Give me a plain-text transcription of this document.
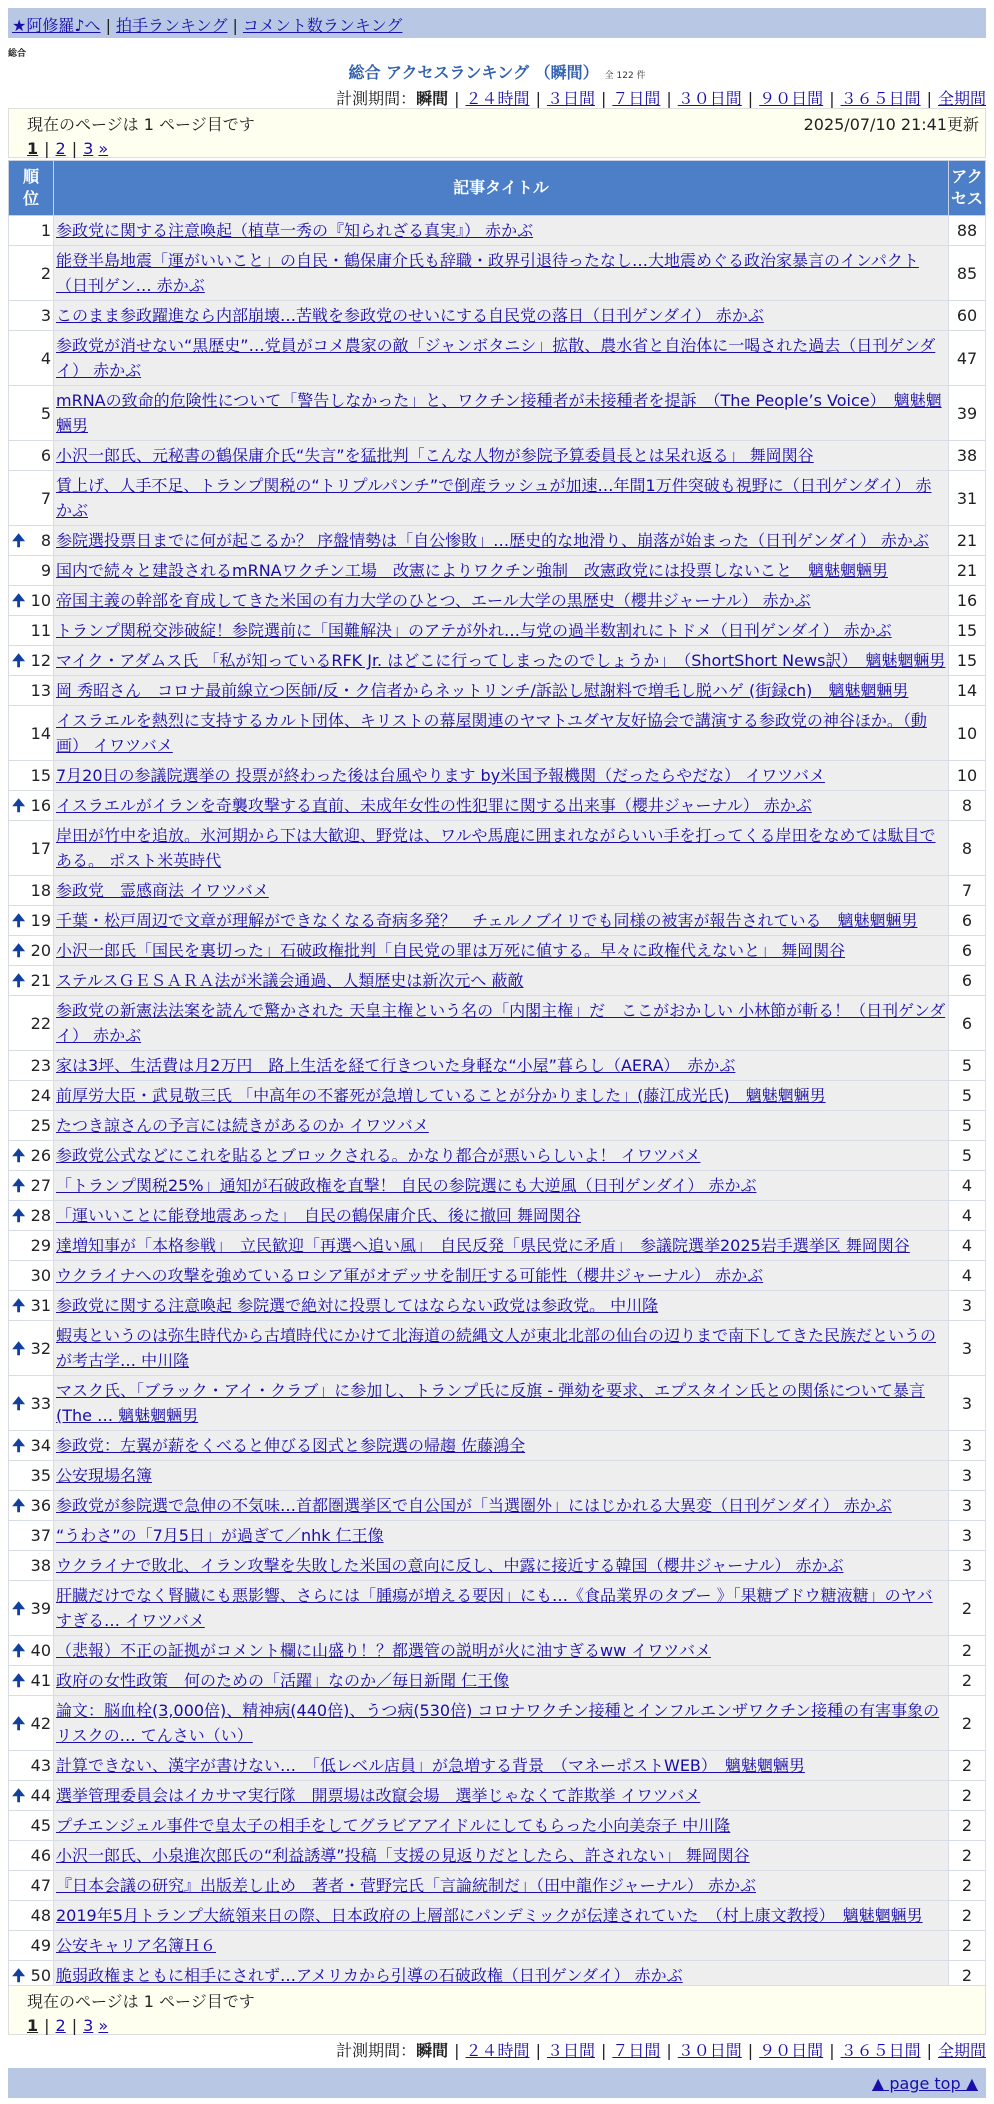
★阿修羅♪へ | 拍手ランキング | コメント数ランキング
総合
総合 アクセスランキング （瞬間） 全 122 件
計測期間：瞬間 | ２４時間 | ３日間 | ７日間 | ３０日間 | ９０日間 | ３６５日間 | 全期間
現在のページは 1 ページ目です	2025/07/10 21:41更新
1 | 2 | 3 »
順位	記事タイトル	アクセス
1	参政党に関する注意喚起（植草一秀の『知られざる真実』） 赤かぶ	88
2	能登半島地震「運がいいこと」の自民・鶴保庸介氏も辞職・政界引退待ったなし…大地震めぐる政治家暴言のインパクト（日刊ゲン… 赤かぶ	85
3	このまま参政躍進なら内部崩壊…苦戦を参政党のせいにする自民党の落日（日刊ゲンダイ） 赤かぶ	60
4	参政党が消せない“黒歴史”…党員がコメ農家の敵「ジャンボタニシ」拡散、農水省と自治体に一喝された過去（日刊ゲンダイ） 赤かぶ	47
5	mRNAの致命的危険性について「警告しなかった」と、ワクチン接種者が未接種者を提訴　（The People’s Voice）　魑魅魍魎男	39
6	小沢一郎氏、元秘書の鶴保庸介氏“失言”を猛批判「こんな人物が参院予算委員長とは呆れ返る」 舞岡関谷	38
7	賃上げ、人手不足、トランプ関税の“トリプルパンチ”で倒産ラッシュが加速…年間1万件突破も視野に（日刊ゲンダイ） 赤かぶ	31

🠉 8	参院選投票日までに何が起こるか？ 序盤情勢は「自公惨敗」…歴史的な地滑り、崩落が始まった（日刊ゲンダイ） 赤かぶ	21
9	国内で続々と建設されるmRNAワクチン工場　改憲によりワクチン強制　改憲政党には投票しないこと　魑魅魍魎男	21

🠉 10	帝国主義の幹部を育成してきた米国の有力大学のひとつ、エール大学の黒歴史（櫻井ジャーナル） 赤かぶ	16
11	トランプ関税交渉破綻！参院選前に「国難解決」のアテが外れ…与党の過半数割れにトドメ（日刊ゲンダイ） 赤かぶ	15

🠉 12	マイク・アダムス氏 「私が知っているRFK Jr. はどこに行ってしまったのでしょうか」　（ShortShort News訳）　魑魅魍魎男	15
13	岡 秀昭さん　コロナ最前線立つ医師/反・ク信者からネットリンチ/訴訟し慰謝料で増毛し脱ハゲ (街録ch)　魑魅魍魎男	14
14	イスラエルを熱烈に支持するカルト団体、キリストの幕屋関連のヤマトユダヤ友好協会で講演する参政党の神谷ほか。（動画） イワツバメ	10
15	7月20日の参議院選挙の 投票が終わった後は台風やります by米国予報機関（だったらやだな） イワツバメ	10

🠉 16	イスラエルがイランを奇襲攻撃する直前、未成年女性の性犯罪に関する出来事（櫻井ジャーナル） 赤かぶ	8
17	岸田が竹中を追放。氷河期から下は大歓迎、野党は、ワルや馬鹿に囲まれながらいい手を打ってくる岸田をなめては駄目である。 ポスト米英時代	8
18	参政党　霊感商法 イワツバメ	7

🠉 19	千葉・松戸周辺で文章が理解ができなくなる奇病多発？　チェルノブイリでも同様の被害が報告されている　魑魅魍魎男	6

🠉 20	小沢一郎氏「国民を裏切った」石破政権批判「自民党の罪は万死に値する。早々に政権代えないと」 舞岡関谷	6

🠉 21	ステルスＧＥＳＡＲＡ法が米議会通過、人類歴史は新次元へ 蔽敵	6
22	参政党の新憲法法案を読んで驚かされた 天皇主権という名の「内閣主権」だ　ここがおかしい 小林節が斬る！（日刊ゲンダイ） 赤かぶ	6
23	家は3坪、生活費は月2万円　路上生活を経て行きついた身軽な“小屋”暮らし（AERA）　赤かぶ	5
24	前厚労大臣・武見敬三氏 「中高年の不審死が急増していることが分かりました」(藤江成光氏)　魑魅魍魎男	5
25	たつき諒さんの予言には続きがあるのか イワツバメ	5

🠉 26	参政党公式などにこれを貼るとブロックされる。かなり都合が悪いらしいよ！ イワツバメ	5

🠉 27	「トランプ関税25%」通知が石破政権を直撃！ 自民の参院選にも大逆風（日刊ゲンダイ） 赤かぶ	4

🠉 28	「運いいことに能登地震あった」　自民の鶴保庸介氏、後に撤回 舞岡関谷	4
29	達増知事が「本格参戦」　立民歓迎「再選へ追い風」　自民反発「県民党に矛盾」　参議院選挙2025岩手選挙区 舞岡関谷	4
30	ウクライナへの攻撃を強めているロシア軍がオデッサを制圧する可能性（櫻井ジャーナル） 赤かぶ	4

🠉 31	参政党に関する注意喚起 参院選で絶対に投票してはならない政党は参政党。 中川隆	3

🠉 32	蝦夷というのは弥生時代から古墳時代にかけて北海道の続縄文人が東北北部の仙台の辺りまで南下してきた民族だというのが考古学… 中川隆	3

🠉 33	マスク氏、「ブラック・アイ・クラブ」に参加し、トランプ氏に反旗 - 弾劾を要求、エプスタイン氏との関係について暴言 (The … 魑魅魍魎男	3

🠉 34	参政党：左翼が薪をくべると伸びる図式と参院選の帰趨 佐藤鴻全	3
35	公安現場名簿	3

🠉 36	参政党が参院選で急伸の不気味…首都圏選挙区で自公国が「当選圏外」にはじかれる大異変（日刊ゲンダイ） 赤かぶ	3
37	“うわさ”の「7月5日」が過ぎて／nhk 仁王像	3
38	ウクライナで敗北、イラン攻撃を失敗した米国の意向に反し、中露に接近する韓国（櫻井ジャーナル） 赤かぶ	3

🠉 39	肝臓だけでなく腎臓にも悪影響、さらには「腫瘍が増える要因」にも…《食品業界のタブー 》「果糖ブドウ糖液糖」のヤバすぎる… イワツバメ	2

🠉 40	（悲報）不正の証拠がコメント欄に山盛り！？都選管の説明が火に油すぎるww イワツバメ	2

🠉 41	政府の女性政策　何のための「活躍」なのか／毎日新聞 仁王像	2

🠉 42	論文：脳血栓(3,000倍)、精神病(440倍)、うつ病(530倍) コロナワクチン接種とインフルエンザワクチン接種の有害事象のリスクの… てんさい（い）	2
43	計算できない、漢字が書けない…　「低レベル店員」が急増する背景　（マネーポストWEB）　魑魅魍魎男	2

🠉 44	選挙管理委員会はイカサマ実行隊　開票場は改竄会場　選挙じゃなくて詐欺挙 イワツバメ	2
45	プチエンジェル事件で皇太子の相手をしてグラビアアイドルにしてもらった小向美奈子 中川隆	2
46	小沢一郎氏、小泉進次郎氏の“利益誘導”投稿「支援の見返りだとしたら、許されない」 舞岡関谷	2
47	『日本会議の研究』出版差し止め　著者・菅野完氏「言論統制だ」（田中龍作ジャーナル） 赤かぶ	2
48	2019年5月トランプ大統領来日の際、日本政府の上層部にパンデミックが伝達されていた　（村上康文教授）　魑魅魍魎男	2
49	公安キャリア名簿Ｈ６	2

🠉 50	脆弱政権まともに相手にされず…アメリカから引導の石破政権（日刊ゲンダイ） 赤かぶ	2
現在のページは 1 ページ目です
1 | 2 | 3 »
計測期間：瞬間 | ２４時間 | ３日間 | ７日間 | ３０日間 | ９０日間 | ３６５日間 | 全期間
▲ page top ▲
